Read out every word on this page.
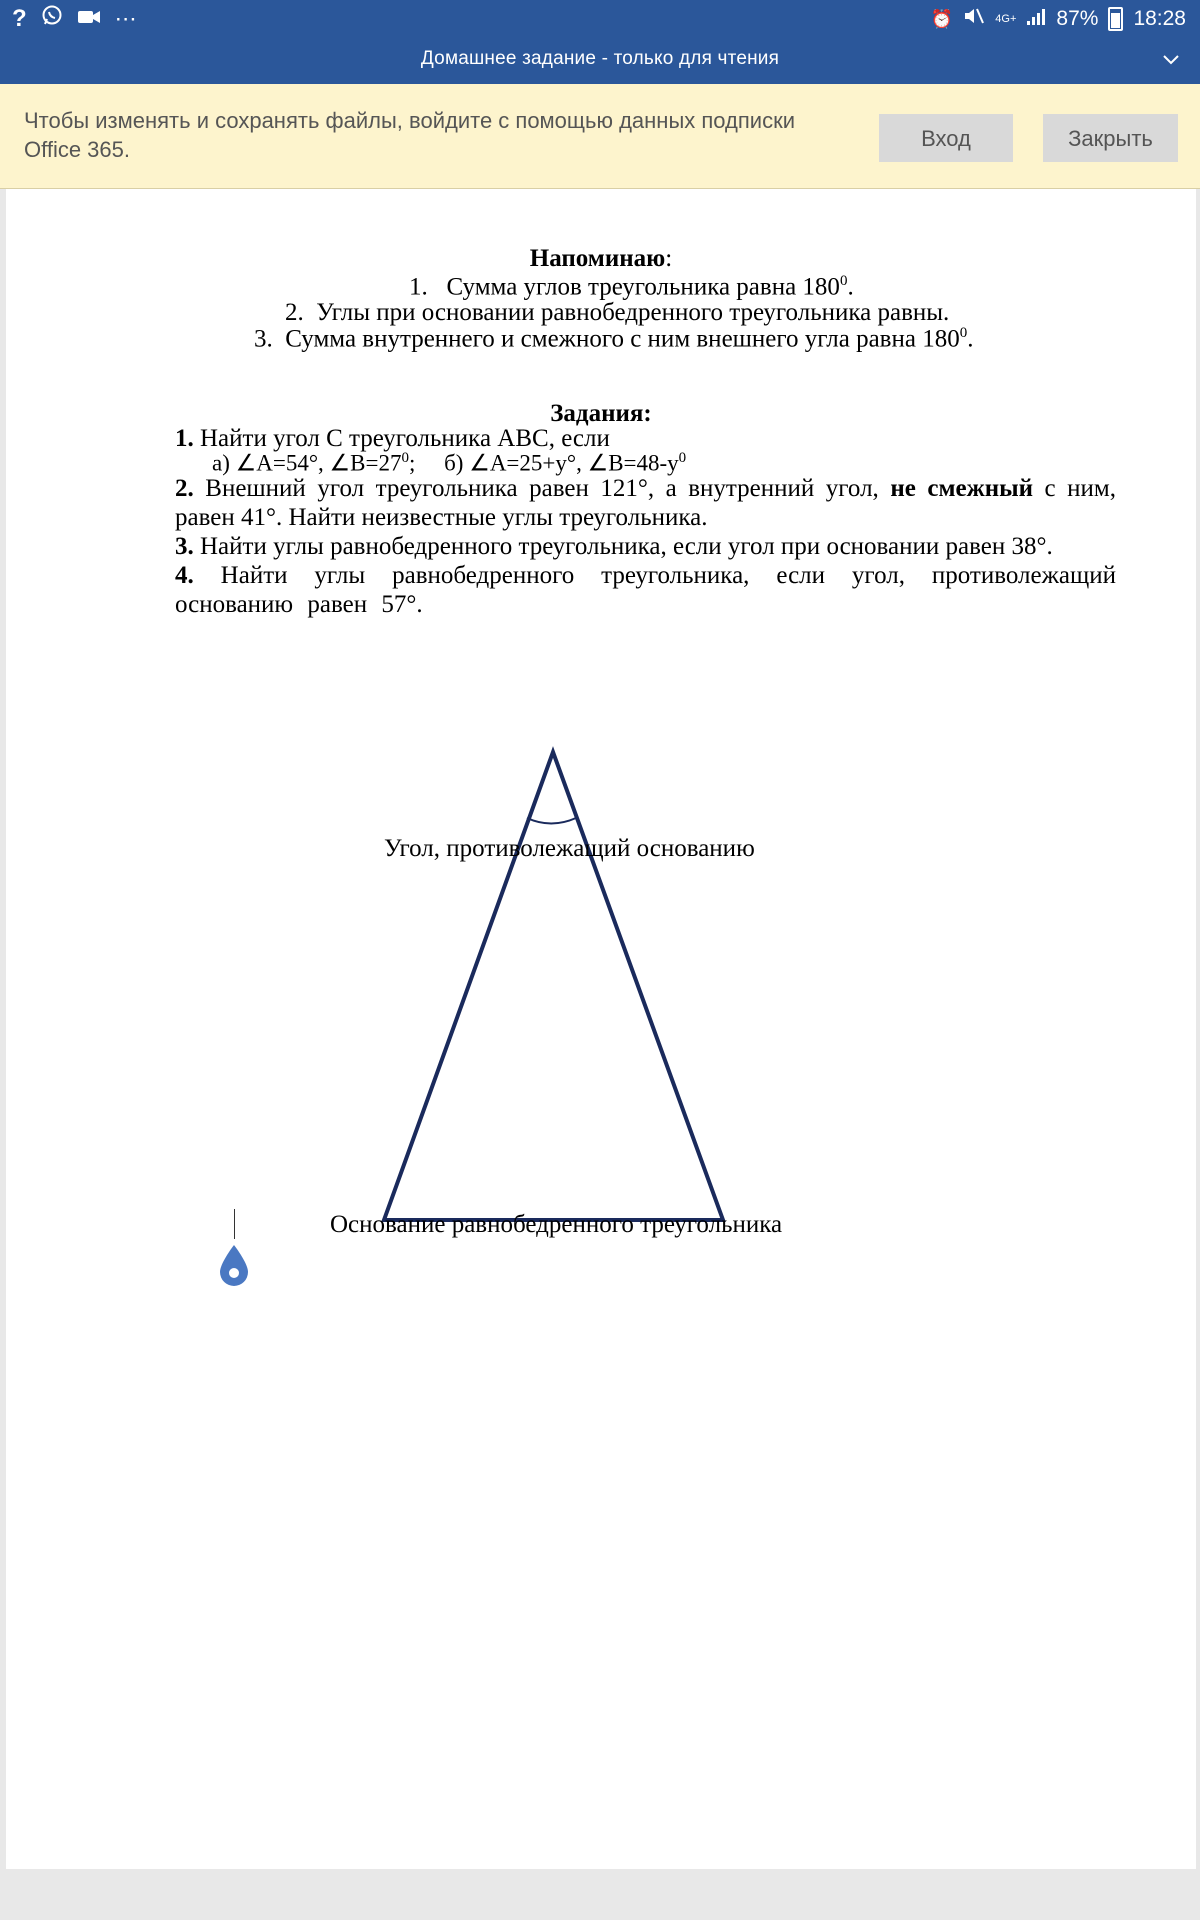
?	⋯	⏰	4G+ 87% 18:28
Домашнее задание - только для чтения
Чтобы изменять и сохранять файлы, войдите с помощью данных подписки Office 365.	Вход	Закрыть
Напоминаю:
1. Сумма углов треугольника равна $180^0$.
2. Углы при основании равнобедренного треугольника равны.
3. Сумма внутреннего и смежного с ним внешнего угла равна $180^0$.
Задания:
1. Найти угол С треугольника АВС, если
а) ∠А=54°, $\angle В=27^0$; б) ∠А=25+у°, $\angle В=48-у^0$
2. Внешний угол треугольника равен 121°, а внутренний угол, не смежный с ним, равен 41°. Найти неизвестные углы треугольника.
3. Найти углы равнобедренного треугольника, если угол при основании равен 38°.
4. Найти углы равнобедренного треугольника, если угол, противолежащий основанию равен 57°.
Угол, противолежащий основанию
Основание равнобедренного треугольника
